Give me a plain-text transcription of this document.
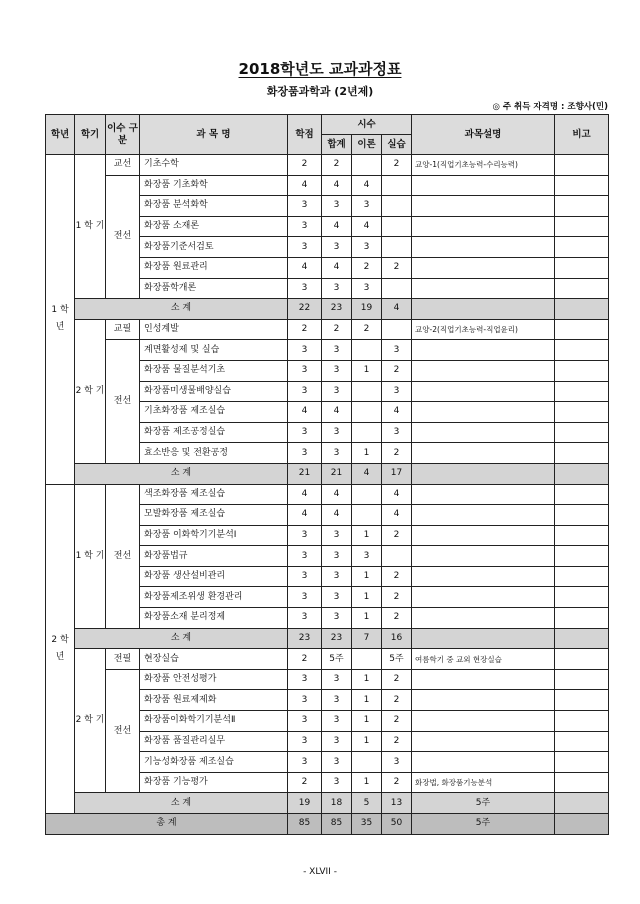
2018학년도 교과과정표
화장품과학과 (2년제)
◎ 주 취득 자격명 : 조향사(민)
학년	학기	이수 구분	과 목 명	학점	시수			과목설명	비고
					합계	이론	실습		
1 학 년	1 학 기	교선	기초수학	2	2		2	교양-1(직업기초능력-수리능력)	
		전선	화장품 기초화학	4	4	4			
			화장품 분석화학	3	3	3			
			화장품 소재론	3	4	4			
			화장품기준서검토	3	3	3			
			화장품 원료관리	4	4	2	2		
			화장품학개론	3	3	3			
	소 계			22	23	19	4		
	2 학 기	교필	인성계발	2	2	2		교양-2(직업기초능력-직업윤리)	
		전선	계면활성제 및 실습	3	3		3		
			화장품 물질분석기초	3	3	1	2		
			화장품미생물배양실습	3	3		3		
			기초화장품 제조실습	4	4		4		
			화장품 제조공정실습	3	3		3		
			효소반응 및 전환공정	3	3	1	2		
	소 계			21	21	4	17		
2 학 년	1 학 기	전선	색조화장품 제조실습	4	4		4		
			모발화장품 제조실습	4	4		4		
			화장품 이화학기기분석Ⅰ	3	3	1	2		
			화장품법규	3	3	3			
			화장품 생산설비관리	3	3	1	2		
			화장품제조위생 환경관리	3	3	1	2		
			화장품소재 분리정제	3	3	1	2		
	소 계			23	23	7	16		
	2 학 기	전필	현장실습	2	5주		5주	여름학기 중 교외 현장실습	
		전선	화장품 안전성평가	3	3	1	2		
			화장품 원료제제화	3	3	1	2		
			화장품이화학기기분석Ⅱ	3	3	1	2		
			화장품 품질관리실무	3	3	1	2		
			기능성화장품 제조실습	3	3		3		
			화장품 기능평가	2	3	1	2	화장법, 화장품기능분석	
	소 계			19	18	5	13	5주	
총 계				85	85	35	50	5주	
- XLVII -
